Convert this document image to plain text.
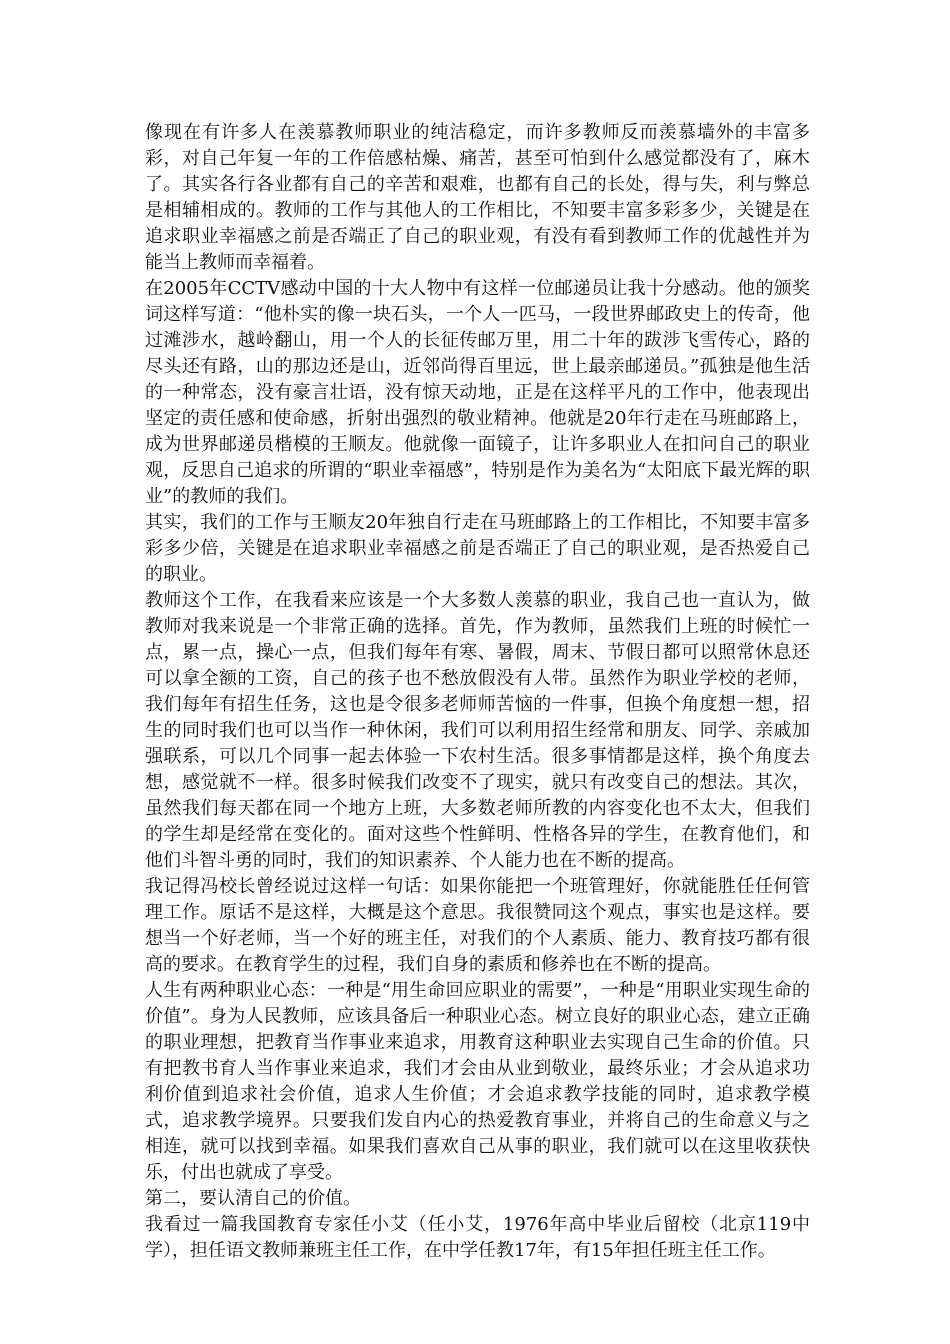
像现在有许多人在羡慕教师职业的纯洁稳定，而许多教师反而羡慕墙外的丰富多彩，对自己年复一年的工作倍感枯燥、痛苦，甚至可怕到什么感觉都没有了，麻木了。其实各行各业都有自己的辛苦和艰难，也都有自己的长处，得与失，利与弊总是相辅相成的。教师的工作与其他人的工作相比，不知要丰富多彩多少，关键是在追求职业幸福感之前是否端正了自己的职业观，有没有看到教师工作的优越性并为能当上教师而幸福着。

在2005年CCTV感动中国的十大人物中有这样一位邮递员让我十分感动。他的颁奖词这样写道：“他朴实的像一块石头，一个人一匹马，一段世界邮政史上的传奇，他过滩涉水，越岭翻山，用一个人的长征传邮万里，用二十年的跋涉飞雪传心，路的尽头还有路，山的那边还是山，近邻尚得百里远，世上最亲邮递员。”孤独是他生活的一种常态，没有豪言壮语，没有惊天动地，正是在这样平凡的工作中，他表现出坚定的责任感和使命感，折射出强烈的敬业精神。他就是20年行走在马班邮路上，成为世界邮递员楷模的王顺友。他就像一面镜子，让许多职业人在扣问自己的职业观，反思自己追求的所谓的“职业幸福感”，特别是作为美名为“太阳底下最光辉的职业”的教师的我们。

其实，我们的工作与王顺友20年独自行走在马班邮路上的工作相比，不知要丰富多彩多少倍，关键是在追求职业幸福感之前是否端正了自己的职业观，是否热爱自己的职业。

教师这个工作，在我看来应该是一个大多数人羡慕的职业，我自己也一直认为，做教师对我来说是一个非常正确的选择。首先，作为教师，虽然我们上班的时候忙一点，累一点，操心一点，但我们每年有寒、暑假，周末、节假日都可以照常休息还可以拿全额的工资，自己的孩子也不愁放假没有人带。虽然作为职业学校的老师，我们每年有招生任务，这也是令很多老师师苦恼的一件事，但换个角度想一想，招生的同时我们也可以当作一种休闲，我们可以利用招生经常和朋友、同学、亲戚加强联系，可以几个同事一起去体验一下农村生活。很多事情都是这样，换个角度去想，感觉就不一样。很多时候我们改变不了现实，就只有改变自己的想法。其次，虽然我们每天都在同一个地方上班，大多数老师所教的内容变化也不太大，但我们的学生却是经常在变化的。面对这些个性鲜明、性格各异的学生，在教育他们，和他们斗智斗勇的同时，我们的知识素养、个人能力也在不断的提高。

我记得冯校长曾经说过这样一句话：如果你能把一个班管理好，你就能胜任任何管理工作。原话不是这样，大概是这个意思。我很赞同这个观点，事实也是这样。要想当一个好老师，当一个好的班主任，对我们的个人素质、能力、教育技巧都有很高的要求。在教育学生的过程，我们自身的素质和修养也在不断的提高。

人生有两种职业心态：一种是“用生命回应职业的需要”，一种是“用职业实现生命的价值”。身为人民教师，应该具备后一种职业心态。树立良好的职业心态，建立正确的职业理想，把教育当作事业来追求，用教育这种职业去实现自己生命的价值。只有把教书育人当作事业来追求，我们才会由从业到敬业，最终乐业；才会从追求功利价值到追求社会价值，追求人生价值；才会追求教学技能的同时，追求教学模式，追求教学境界。只要我们发自内心的热爱教育事业，并将自己的生命意义与之相连，就可以找到幸福。如果我们喜欢自己从事的职业，我们就可以在这里收获快乐，付出也就成了享受。

第二，要认清自己的价值。

我看过一篇我国教育专家任小艾（任小艾，1976年高中毕业后留校（北京119中学），担任语文教师兼班主任工作，在中学任教17年，有15年担任班主任工作。
